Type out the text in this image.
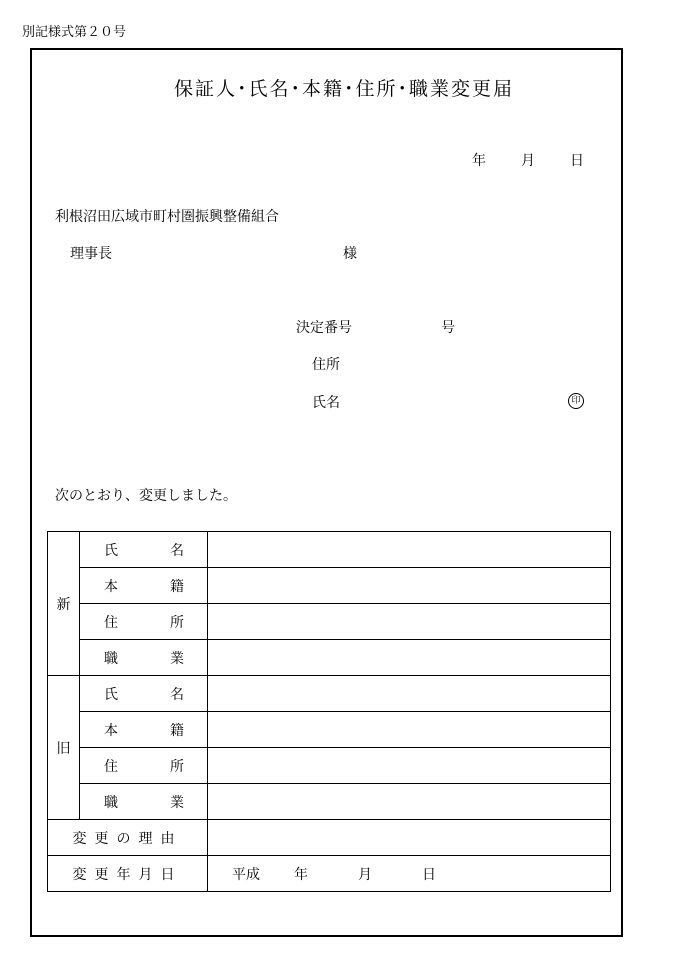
別記様式第２０号
保証人･氏名･本籍･住所･職業変更届
年	月	日
利根沼田広域市町村圏振興整備組合
理事長	様
決定番号	号
住所
氏名	印
次のとおり、変更しました。
新	氏 名	

	本 籍	

	住 所	

	職 業	

旧	氏 名	

	本 籍	

	住 所	

	職 業	

変更の理由		
変更年月日		平成 年 月 日
